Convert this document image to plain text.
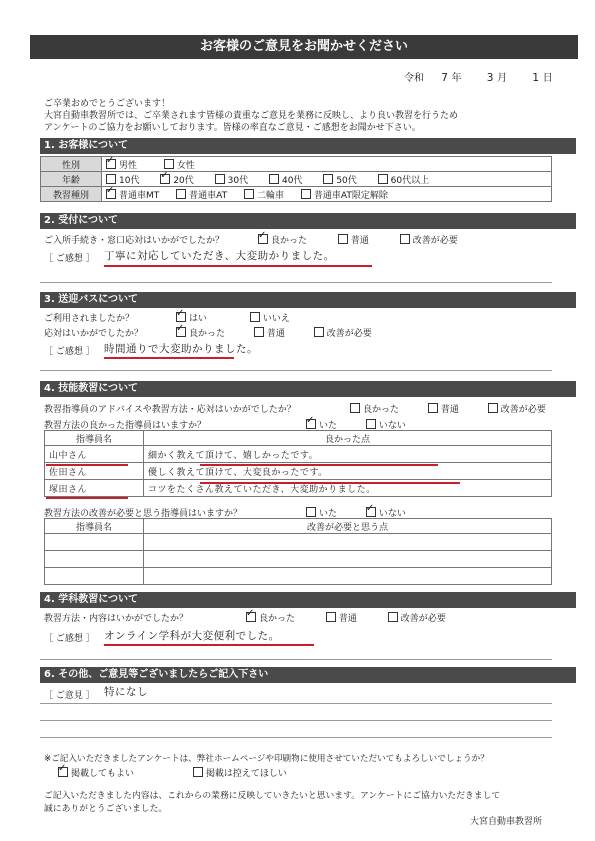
お客様のご意見をお聞かせください
令和 7 年 3 月 1 日
ご卒業おめでとうございます！
大宮自動車教習所では、ご卒業されます皆様の貴重なご意見を業務に反映し、より良い教習を行うため
アンケートのご協力をお願いしております。皆様の率直なご意見・ご感想をお聞かせ下さい。
1. お客様について
性別	✓男性 女性
年齢	10代 ✓ 20代 30代 40代 50代 60代以上
教習種別	✓普通車MT 普通車AT 二輪車 普通車AT限定解除
2. 受付について
ご入所手続き・窓口応対はいかがでしたか？ ✓	良かった	普通	改善が必要
［ ご感想 ］ 丁寧に対応していただき、大変助かりました。
3. 送迎バスについて
ご利用されましたか？ ✓	はい	いいえ
応対はいかがでしたか？ ✓	良かった	普通	改善が必要
［ ご感想 ］ 時間通りで大変助かりました。
4. 技能教習について
教習指導員のアドバイスや教習方法・応対はいかがでしたか？	良かった	普通	改善が必要
教習方法の良かった指導員はいますか？ ✓	いた	いない
指導員名	良かった点
山中さん	細かく教えて頂けて、嬉しかったです。
佐田さん	優しく教えて頂けて、大変良かったです。
塚田さん	コツをたくさん教えていただき、大変助かりました。
教習方法の改善が必要と思う指導員はいますか？	いた ✓	いない
指導員名	改善が必要と思う点

4. 学科教習について
教習方法・内容はいかがでしたか？ ✓	良かった	普通	改善が必要
［ ご感想 ］ オンライン学科が大変便利でした。
6. その他、ご意見等ございましたらご記入下さい
［ ご意見 ］ 特になし
※ご記入いただきましたアンケートは、弊社ホームページや印刷物に使用させていただいてもよろしいでしょうか？
✓掲載してもよい	掲載は控えてほしい
ご記入いただきました内容は、これからの業務に反映していきたいと思います。アンケートにご協力いただきまして
誠にありがとうございました。
大宮自動車教習所
